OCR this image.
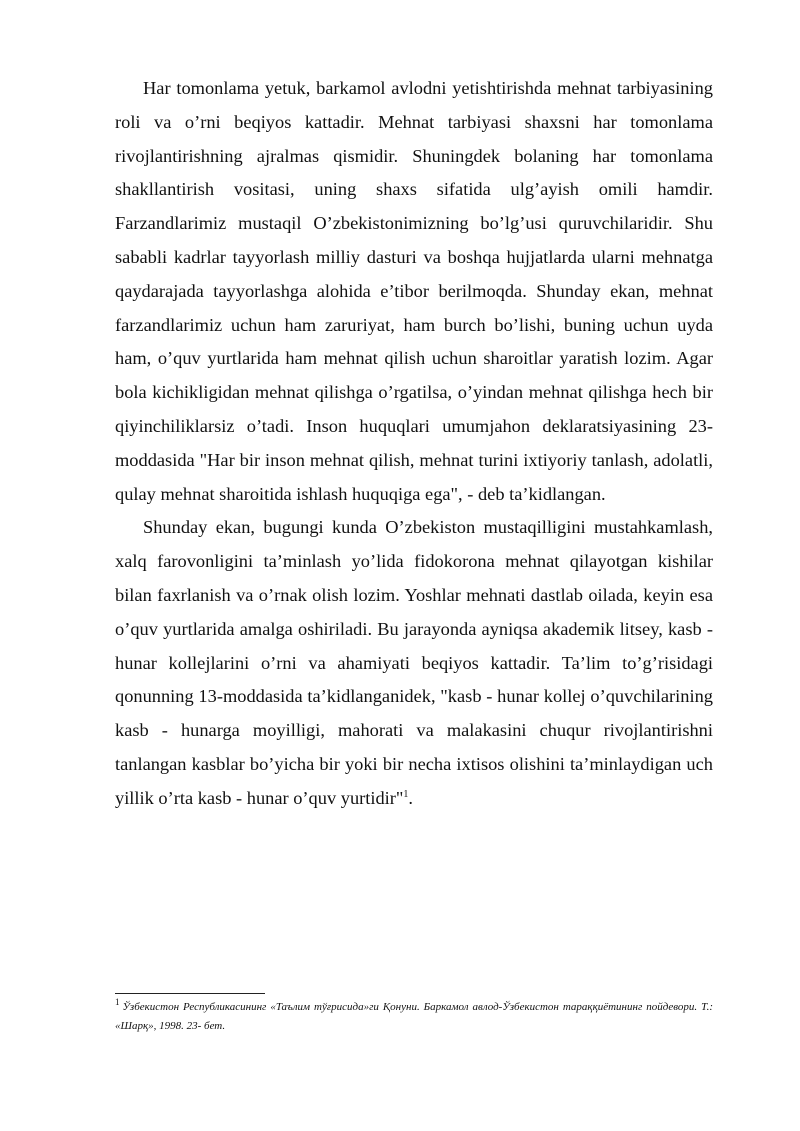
Har tomonlama yetuk, barkamol avlodni yetishtirishda mehnat tarbiyasining roli va o’rni beqiyos kattadir. Mehnat tarbiyasi shaxsni har tomonlama rivojlantirishning ajralmas qismidir. Shuningdek bolaning har tomonlama shakllantirish vositasi, uning shaxs sifatida ulg’ayish omili hamdir. Farzandlarimiz mustaqil O’zbekistonimizning bo’lg’usi quruvchilaridir. Shu sababli kadrlar tayyorlash milliy dasturi va boshqa hujjatlarda ularni mehnatga qaydarajada tayyorlashga alohida e’tibor berilmoqda. Shunday ekan, mehnat farzandlarimiz uchun ham zaruriyat, ham burch bo’lishi, buning uchun uyda ham, o’quv yurtlarida ham mehnat qilish uchun sharoitlar yaratish lozim. Agar bola kichikligidan mehnat qilishga o’rgatilsa, o’yindan mehnat qilishga hech bir qiyinchiliklarsiz o’tadi. Inson huquqlari umumjahon deklaratsiyasining 23-moddasida "Har bir inson mehnat qilish, mehnat turini ixtiyoriy tanlash, adolatli, qulay mehnat sharoitida ishlash huquqiga ega", - deb ta’kidlangan.

Shunday ekan, bugungi kunda O’zbekiston mustaqilligini mustahkamlash, xalq farovonligini ta’minlash yo’lida fidokorona mehnat qilayotgan kishilar bilan faxrlanish va o’rnak olish lozim. Yoshlar mehnati dastlab oilada, keyin esa o’quv yurtlarida amalga oshiriladi. Bu jarayonda ayniqsa akademik litsey, kasb - hunar kollejlarini o’rni va ahamiyati beqiyos kattadir. Ta’lim to’g’risidagi qonunning 13-moddasida ta’kidlanganidek, "kasb - hunar kollej o’quvchilarining kasb - hunarga moyilligi, mahorati va malakasini chuqur rivojlantirishni tanlangan kasblar bo’yicha bir yoki bir necha ixtisos olishini ta’minlaydigan uch yillik o’rta kasb - hunar o’quv yurtidir"$^1$.

$^1$ Ўзбекистон Республикасининг «Таълим тўғрисида»ги Қонуни. Баркамол авлод-Ўзбекистон тараққиётининг пойдевори. Т.: «Шарқ», 1998. 23- бет.
